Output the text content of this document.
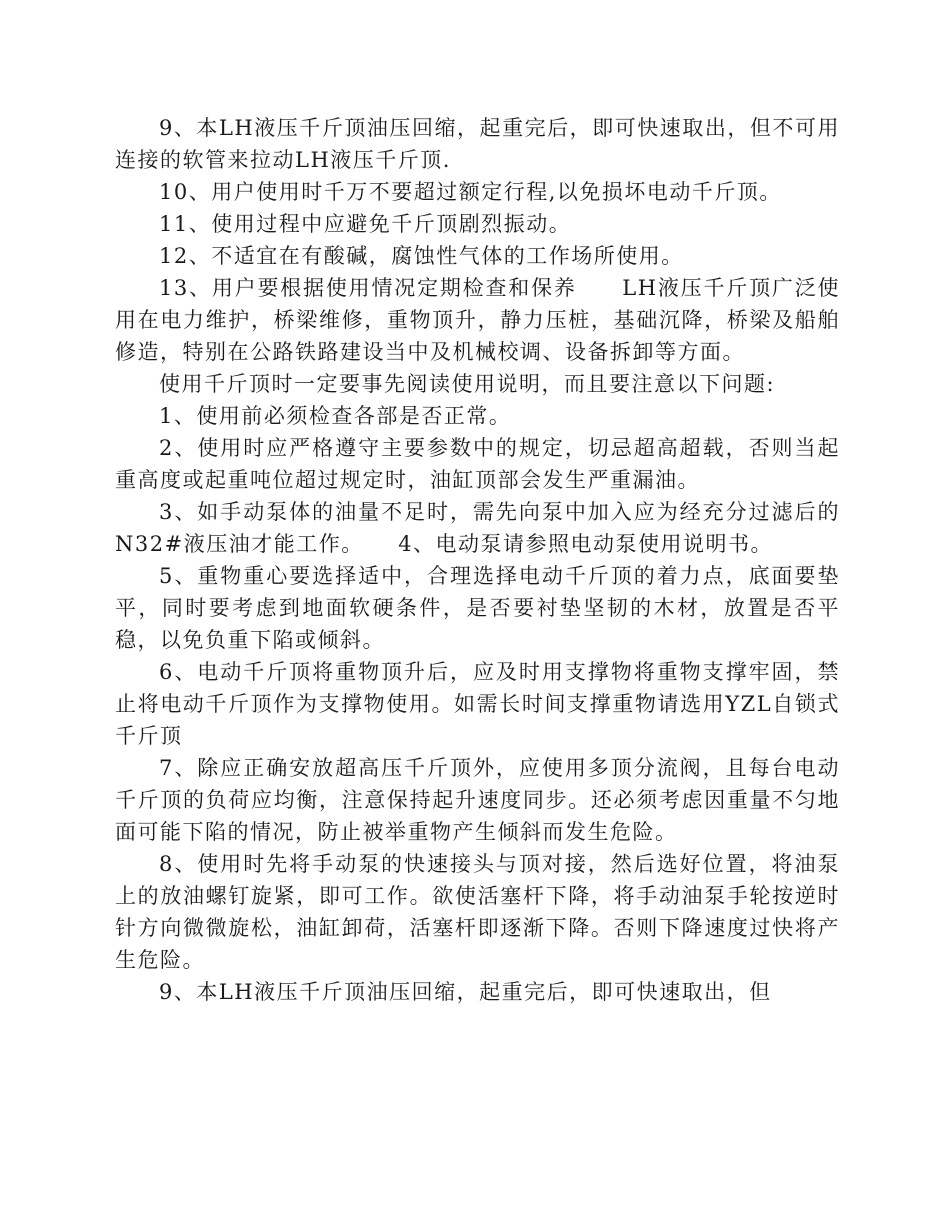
9、本LH液压千斤顶油压回缩，起重完后，即可快速取出，但不可用连接的软管来拉动LH液压千斤顶.

10、用户使用时千万不要超过额定行程,以免损坏电动千斤顶。

11、使用过程中应避免千斤顶剧烈振动。

12、不适宜在有酸碱，腐蚀性气体的工作场所使用。

13、用户要根据使用情况定期检查和保养　　LH液压千斤顶广泛使用在电力维护，桥梁维修，重物顶升，静力压桩，基础沉降，桥梁及船舶修造，特别在公路铁路建设当中及机械校调、设备拆卸等方面。

使用千斤顶时一定要事先阅读使用说明，而且要注意以下问题:

1、使用前必须检查各部是否正常。

2、使用时应严格遵守主要参数中的规定，切忌超高超载，否则当起重高度或起重吨位超过规定时，油缸顶部会发生严重漏油。

3、如手动泵体的油量不足时，需先向泵中加入应为经充分过滤后的N32#液压油才能工作。　　4、电动泵请参照电动泵使用说明书。

5、重物重心要选择适中，合理选择电动千斤顶的着力点，底面要垫平，同时要考虑到地面软硬条件，是否要衬垫坚韧的木材，放置是否平稳，以免负重下陷或倾斜。

6、电动千斤顶将重物顶升后，应及时用支撑物将重物支撑牢固，禁止将电动千斤顶作为支撑物使用。如需长时间支撑重物请选用YZL自锁式千斤顶

7、除应正确安放超高压千斤顶外，应使用多顶分流阀，且每台电动千斤顶的负荷应均衡，注意保持起升速度同步。还必须考虑因重量不匀地面可能下陷的情况，防止被举重物产生倾斜而发生危险。

8、使用时先将手动泵的快速接头与顶对接，然后选好位置，将油泵上的放油螺钉旋紧，即可工作。欲使活塞杆下降，将手动油泵手轮按逆时针方向微微旋松，油缸卸荷，活塞杆即逐渐下降。否则下降速度过快将产生危险。

9、本LH液压千斤顶油压回缩，起重完后，即可快速取出，但
